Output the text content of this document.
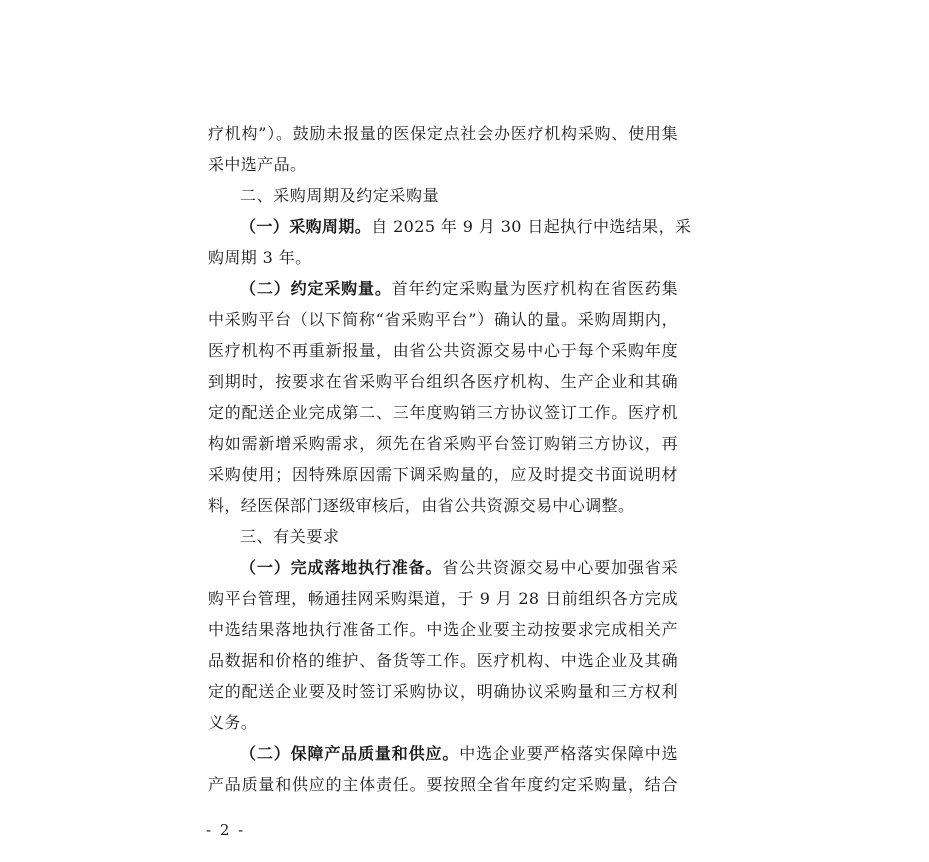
疗机构”）。鼓励未报量的医保定点社会办医疗机构采购、使用集
采中选产品。
二、采购周期及约定采购量
（一）采购周期。自 2025 年 9 月 30 日起执行中选结果，采
购周期 3 年。
（二）约定采购量。首年约定采购量为医疗机构在省医药集
中采购平台（以下简称“省采购平台”）确认的量。采购周期内，
医疗机构不再重新报量，由省公共资源交易中心于每个采购年度
到期时，按要求在省采购平台组织各医疗机构、生产企业和其确
定的配送企业完成第二、三年度购销三方协议签订工作。医疗机
构如需新增采购需求，须先在省采购平台签订购销三方协议，再
采购使用；因特殊原因需下调采购量的，应及时提交书面说明材
料，经医保部门逐级审核后，由省公共资源交易中心调整。
三、有关要求
（一）完成落地执行准备。省公共资源交易中心要加强省采
购平台管理，畅通挂网采购渠道，于 9 月 28 日前组织各方完成
中选结果落地执行准备工作。中选企业要主动按要求完成相关产
品数据和价格的维护、备货等工作。医疗机构、中选企业及其确
定的配送企业要及时签订采购协议，明确协议采购量和三方权利
义务。
（二）保障产品质量和供应。中选企业要严格落实保障中选
产品质量和供应的主体责任。要按照全省年度约定采购量，结合
- 2 -
